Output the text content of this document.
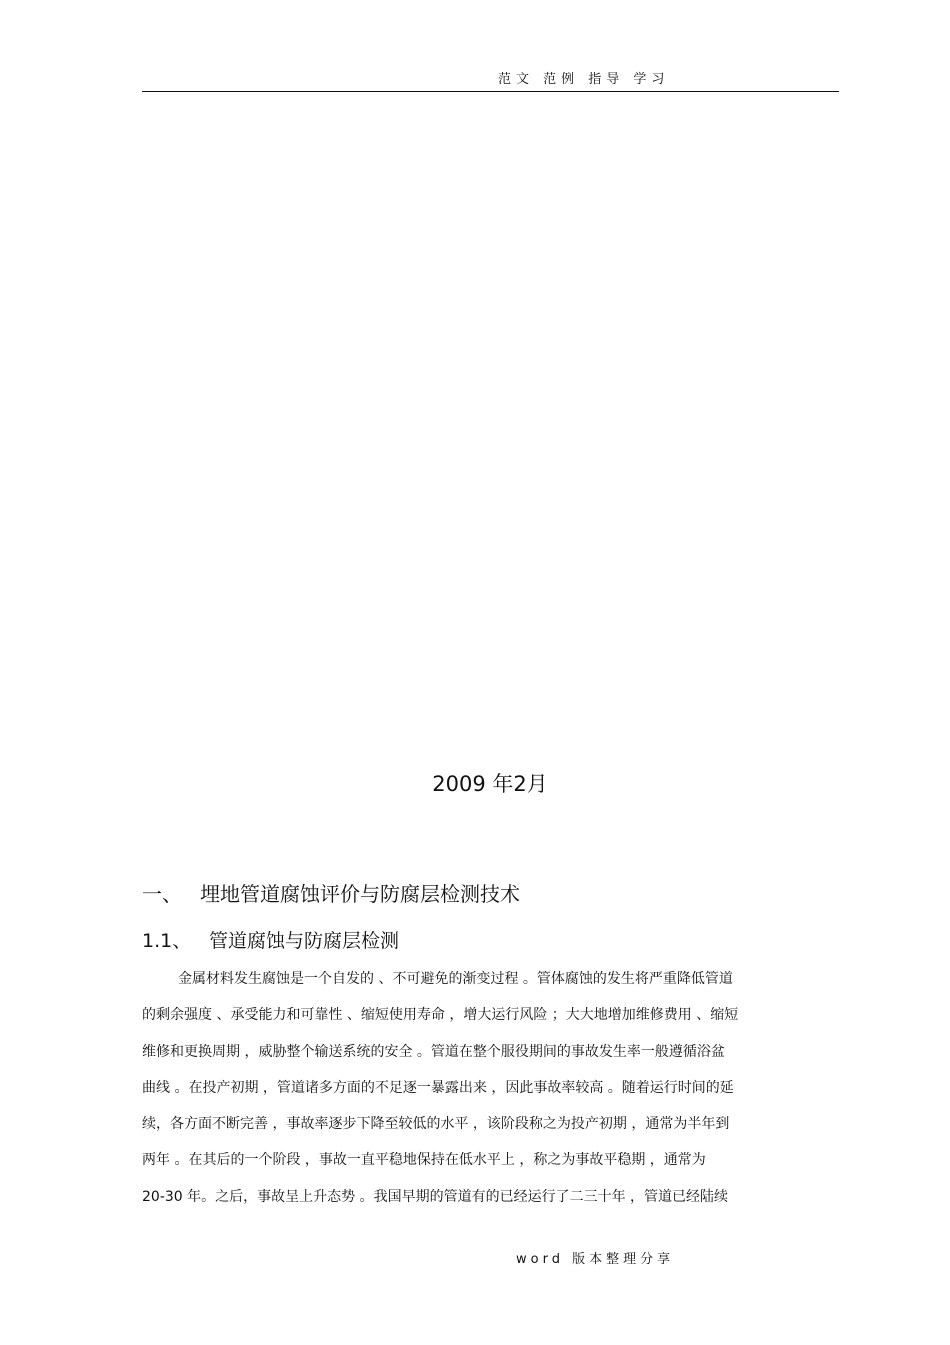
范文 范例 指导 学习
2009 年2月
一、 埋地管道腐蚀评价与防腐层检测技术
1.1、 管道腐蚀与防腐层检测
金属材料发生腐蚀是一个自发的 、不可避免的渐变过程 。管体腐蚀的发生将严重降低管道
的剩余强度 、承受能力和可靠性 、缩短使用寿命 ，增大运行风险 ；大大地增加维修费用 、缩短
维修和更换周期 ，威胁整个输送系统的安全 。管道在整个服役期间的事故发生率一般遵循浴盆
曲线 。在投产初期 ，管道诸多方面的不足逐一暴露出来 ，因此事故率较高 。随着运行时间的延
续，各方面不断完善 ，事故率逐步下降至较低的水平 ，该阶段称之为投产初期 ，通常为半年到
两年 。在其后的一个阶段 ，事故一直平稳地保持在低水平上 ，称之为事故平稳期 ，通常为
20-30 年。之后，事故呈上升态势 。我国早期的管道有的已经运行了二三十年 ，管道已经陆续
word 版本整理分享
